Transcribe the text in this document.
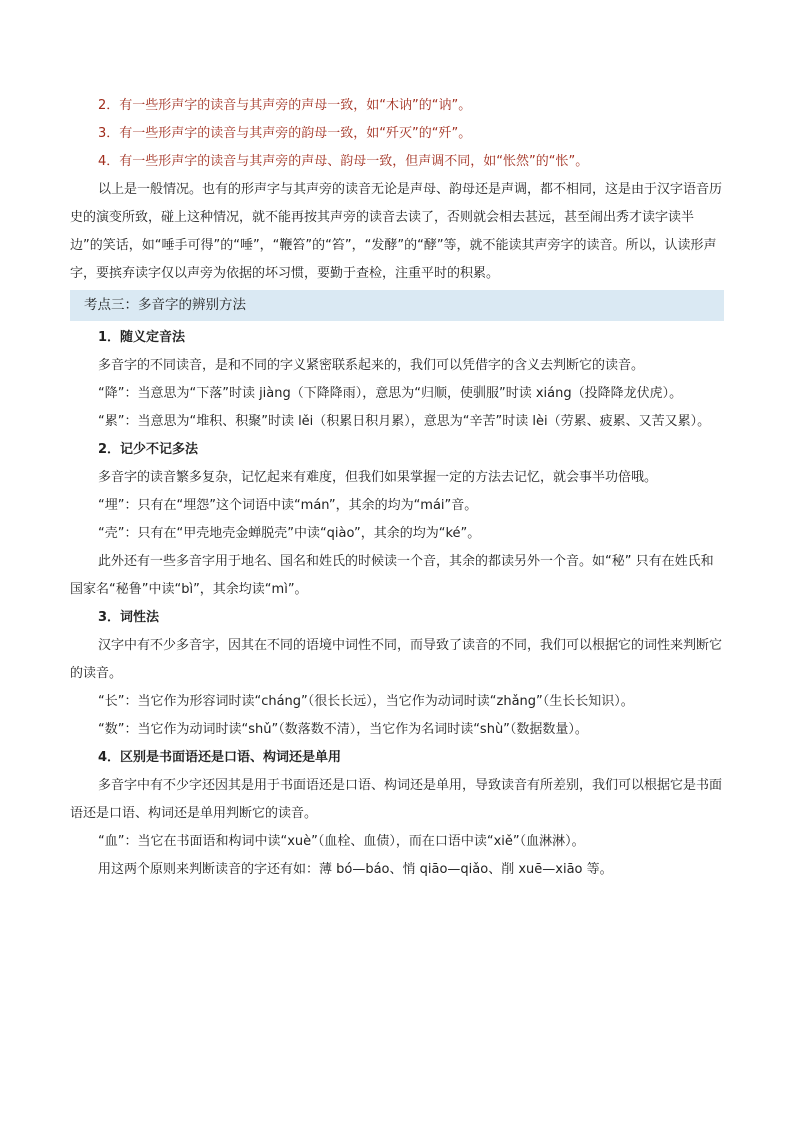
2．有一些形声字的读音与其声旁的声母一致，如“木讷”的“讷”。

3．有一些形声字的读音与其声旁的韵母一致，如“歼灭”的“歼”。

4．有一些形声字的读音与其声旁的声母、韵母一致，但声调不同，如“怅然”的“怅”。

以上是一般情况。也有的形声字与其声旁的读音无论是声母、韵母还是声调，都不相同，这是由于汉字语音历史的演变所致，碰上这种情况，就不能再按其声旁的读音去读了，否则就会相去甚远，甚至闹出秀才读字读半边”的笑话，如“唾手可得”的“唾”，“鞭笞”的“笞”，“发酵”的“酵”等，就不能读其声旁字的读音。所以，认读形声字，要摈弃读字仅以声旁为依据的坏习惯，要勤于查检，注重平时的积累。

考点三：多音字的辨别方法

1．随义定音法

多音字的不同读音，是和不同的字义紧密联系起来的，我们可以凭借字的含义去判断它的读音。

“降”：当意思为“下落”时读 jiàng（下降降雨），意思为“归顺，使驯服”时读 xiáng（投降降龙伏虎）。

“累”：当意思为“堆积、积聚”时读 lěi（积累日积月累），意思为“辛苦”时读 lèi（劳累、疲累、又苦又累）。

2．记少不记多法

多音字的读音繁多复杂，记忆起来有难度，但我们如果掌握一定的方法去记忆，就会事半功倍哦。

“埋”：只有在“埋怨”这个词语中读“mán”，其余的均为“mái”音。

“壳”：只有在“甲壳地壳金蝉脱壳”中读“qiào”，其余的均为“ké”。

此外还有一些多音字用于地名、国名和姓氏的时候读一个音，其余的都读另外一个音。如“秘” 只有在姓氏和国家名“秘鲁”中读“bì”，其余均读“mì”。

3．词性法

汉字中有不少多音字，因其在不同的语境中词性不同，而导致了读音的不同，我们可以根据它的词性来判断它的读音。

“长”：当它作为形容词时读“cháng”（很长长远），当它作为动词时读“zhǎng”（生长长知识）。

“数”：当它作为动词时读“shǔ”（数落数不清），当它作为名词时读“shù”（数据数量）。

4．区别是书面语还是口语、构词还是单用

多音字中有不少字还因其是用于书面语还是口语、构词还是单用，导致读音有所差别，我们可以根据它是书面语还是口语、构词还是单用判断它的读音。

“血”：当它在书面语和构词中读“xuè”（血栓、血债），而在口语中读“xiě”（血淋淋）。

用这两个原则来判断读音的字还有如：薄 bó—báo、悄 qiāo—qiǎo、削 xuē—xiāo 等。
